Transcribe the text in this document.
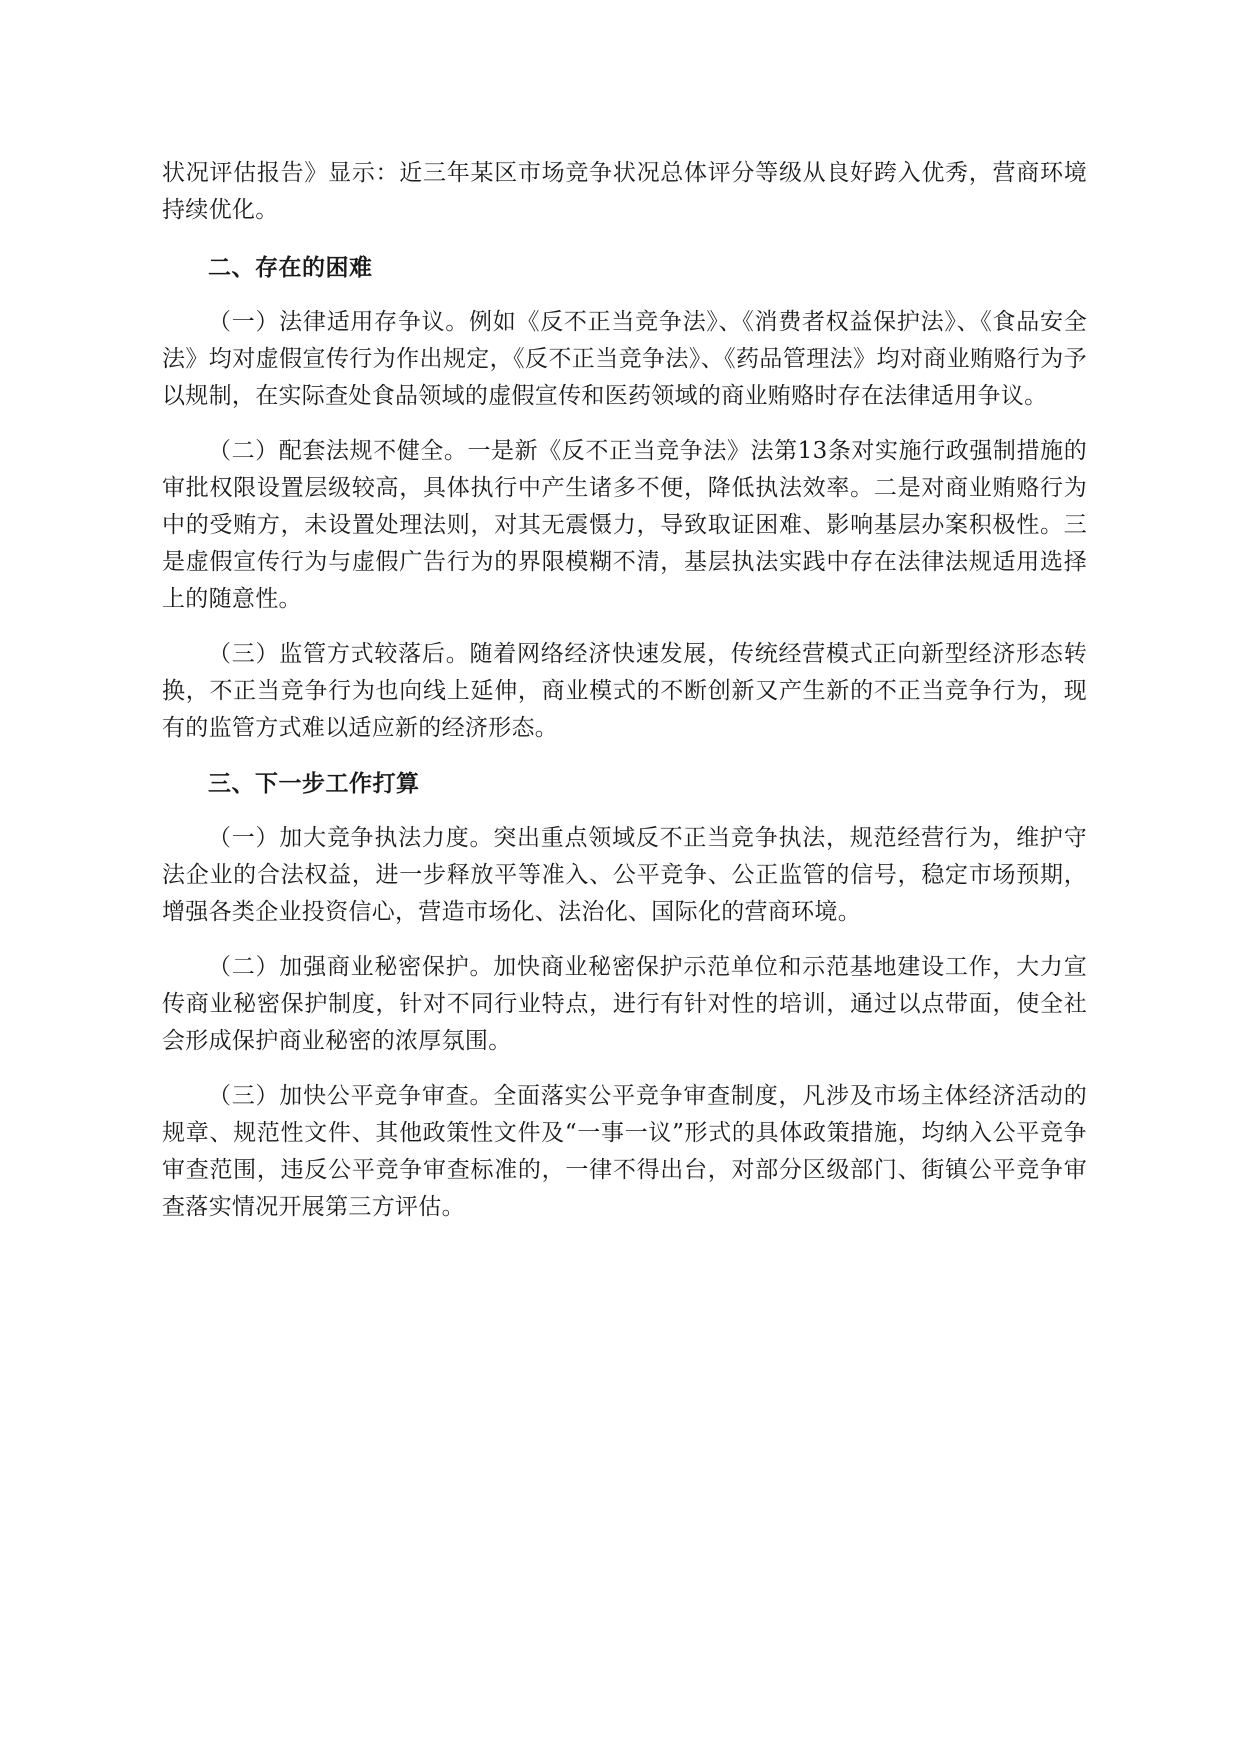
状况评估报告》显示：近三年某区市场竞争状况总体评分等级从良好跨入优秀，营商环境持续优化。

二、存在的困难

（一）法律适用存争议。例如《反不正当竞争法》、《消费者权益保护法》、《食品安全法》均对虚假宣传行为作出规定，《反不正当竞争法》、《药品管理法》均对商业贿赂行为予以规制，在实际查处食品领域的虚假宣传和医药领域的商业贿赂时存在法律适用争议。

（二）配套法规不健全。一是新《反不正当竞争法》法第13条对实施行政强制措施的审批权限设置层级较高，具体执行中产生诸多不便，降低执法效率。二是对商业贿赂行为中的受贿方，未设置处理法则，对其无震慑力，导致取证困难、影响基层办案积极性。三是虚假宣传行为与虚假广告行为的界限模糊不清，基层执法实践中存在法律法规适用选择上的随意性。

（三）监管方式较落后。随着网络经济快速发展，传统经营模式正向新型经济形态转换，不正当竞争行为也向线上延伸，商业模式的不断创新又产生新的不正当竞争行为，现有的监管方式难以适应新的经济形态。

三、下一步工作打算

（一）加大竞争执法力度。突出重点领域反不正当竞争执法，规范经营行为，维护守法企业的合法权益，进一步释放平等准入、公平竞争、公正监管的信号，稳定市场预期，增强各类企业投资信心，营造市场化、法治化、国际化的营商环境。

（二）加强商业秘密保护。加快商业秘密保护示范单位和示范基地建设工作，大力宣传商业秘密保护制度，针对不同行业特点，进行有针对性的培训，通过以点带面，使全社会形成保护商业秘密的浓厚氛围。

（三）加快公平竞争审查。全面落实公平竞争审查制度，凡涉及市场主体经济活动的规章、规范性文件、其他政策性文件及“一事一议”形式的具体政策措施，均纳入公平竞争审查范围，违反公平竞争审查标准的，一律不得出台，对部分区级部门、街镇公平竞争审查落实情况开展第三方评估。
